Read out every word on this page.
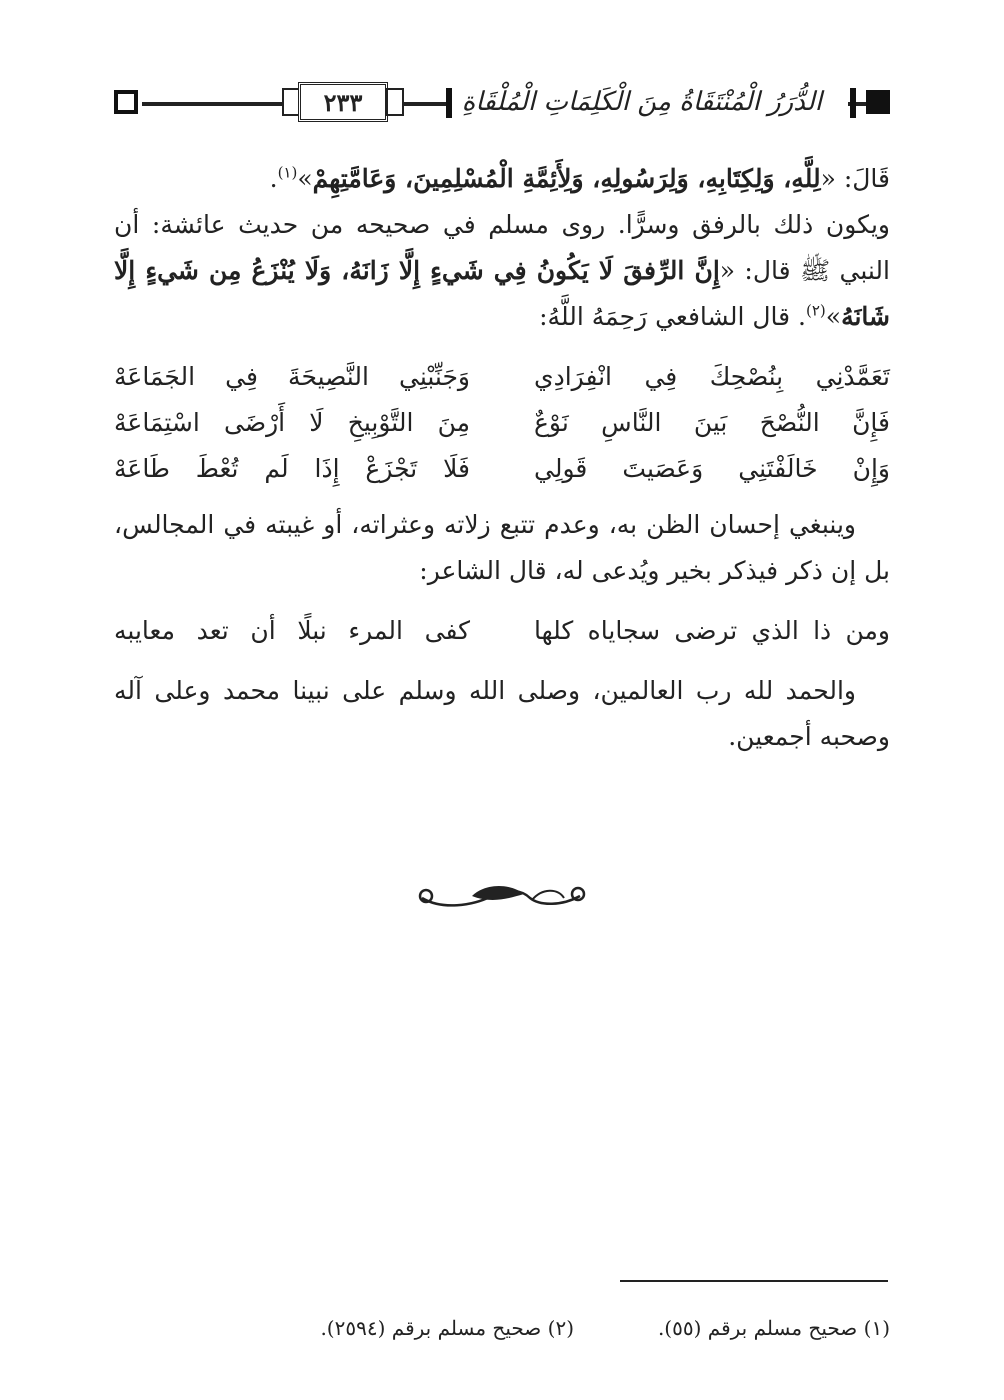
٢٣٣	الدُّرَرُ الْمُنْتَقَاةُ مِنَ الْكَلِمَاتِ الْمُلْقَاةِ

قَالَ: «لِلَّهِ، وَلِكِتَابِهِ، وَلِرَسُولِهِ، وَلِأَئِمَّةِ الْمُسْلِمِينَ، وَعَامَّتِهِمْ»$^{(١)}$.

ويكون ذلك بالرفق وسرًّا. روى مسلم في صحيحه من حديث عائشة: أن النبي ﷺ قال: «إِنَّ الرِّفقَ لَا يَكُونُ فِي شَيءٍ إِلَّا زَانَهُ، وَلَا يُنْزَعُ مِن شَيءٍ إِلَّا شَانَهُ»$^{(٢)}$. قال الشافعي رَحِمَهُ اللَّهُ:

تَعَمَّدْنِي بِنُصْحِكَ فِي انْفِرَادِي
وَجَنِّبْنِي النَّصِيحَةَ فِي الجَمَاعَهْ
فَإِنَّ النُّصْحَ بَينَ النَّاسِ نَوْعٌ
مِنَ التَّوْبِيخِ لَا أَرْضَى اسْتِمَاعَهْ
وَإِنْ خَالَفْتَنِي وَعَصَيتَ قَولِي
فَلَا تَجْزَعْ إِذَا لَم تُعْطَ طَاعَهْ

وينبغي إحسان الظن به، وعدم تتبع زلاته وعثراته، أو غيبته في المجالس، بل إن ذكر فيذكر بخير ويُدعى له، قال الشاعر:

ومن ذا الذي ترضى سجاياه كلها
كفى المرء نبلًا أن تعد معايبه

والحمد لله رب العالمين، وصلى الله وسلم على نبينا محمد وعلى آله وصحبه أجمعين.

(١) صحيح مسلم برقم (٥٥).
(٢) صحيح مسلم برقم (٢٥٩٤).
